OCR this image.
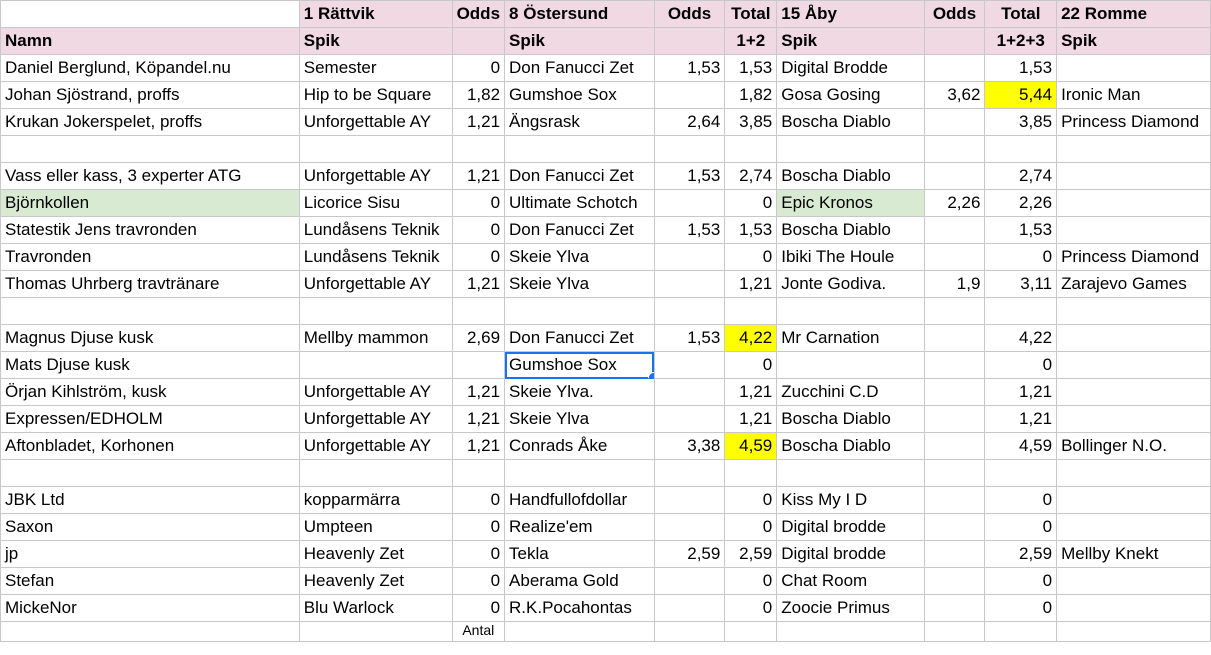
	1 Rättvik	Odds	8 Östersund	Odds	Total	15 Åby	Odds	Total	22 Romme
Namn	Spik		Spik		1+2	Spik		1+2+3	Spik
Daniel Berglund, Köpandel.nu	Semester	0	Don Fanucci Zet	1,53	1,53	Digital Brodde		1,53	
Johan Sjöstrand, proffs	Hip to be Square	1,82	Gumshoe Sox		1,82	Gosa Gosing	3,62	5,44	Ironic Man
Krukan Jokerspelet, proffs	Unforgettable AY	1,21	Ängsrask	2,64	3,85	Boscha Diablo		3,85	Princess Diamond

Vass eller kass, 3 experter ATG	Unforgettable AY	1,21	Don Fanucci Zet	1,53	2,74	Boscha Diablo		2,74	
Björnkollen	Licorice Sisu	0	Ultimate Schotch		0	Epic Kronos	2,26	2,26	
Statestik Jens travronden	Lundåsens Teknik	0	Don Fanucci Zet	1,53	1,53	Boscha Diablo		1,53	
Travronden	Lundåsens Teknik	0	Skeie Ylva		0	Ibiki The Houle		0	Princess Diamond
Thomas Uhrberg travtränare	Unforgettable AY	1,21	Skeie Ylva		1,21	Jonte Godiva.	1,9	3,11	Zarajevo Games

Magnus Djuse kusk	Mellby mammon	2,69	Don Fanucci Zet	1,53	4,22	Mr Carnation		4,22	
Mats Djuse kusk			Gumshoe Sox		0			0	
Örjan Kihlström, kusk	Unforgettable AY	1,21	Skeie Ylva.		1,21	Zucchini C.D		1,21	
Expressen/EDHOLM	Unforgettable AY	1,21	Skeie Ylva		1,21	Boscha Diablo		1,21	
Aftonbladet, Korhonen	Unforgettable AY	1,21	Conrads Åke	3,38	4,59	Boscha Diablo		4,59	Bollinger N.O.

JBK Ltd	kopparmärra	0	Handfullofdollar		0	Kiss My I D		0	
Saxon	Umpteen	0	Realize'em		0	Digital brodde		0	
jp	Heavenly Zet	0	Tekla	2,59	2,59	Digital brodde		2,59	Mellby Knekt
Stefan	Heavenly Zet	0	Aberama Gold		0	Chat Room		0	
MickeNor	Blu Warlock	0	R.K.Pocahontas		0	Zoocie Primus		0	
		Antal							
